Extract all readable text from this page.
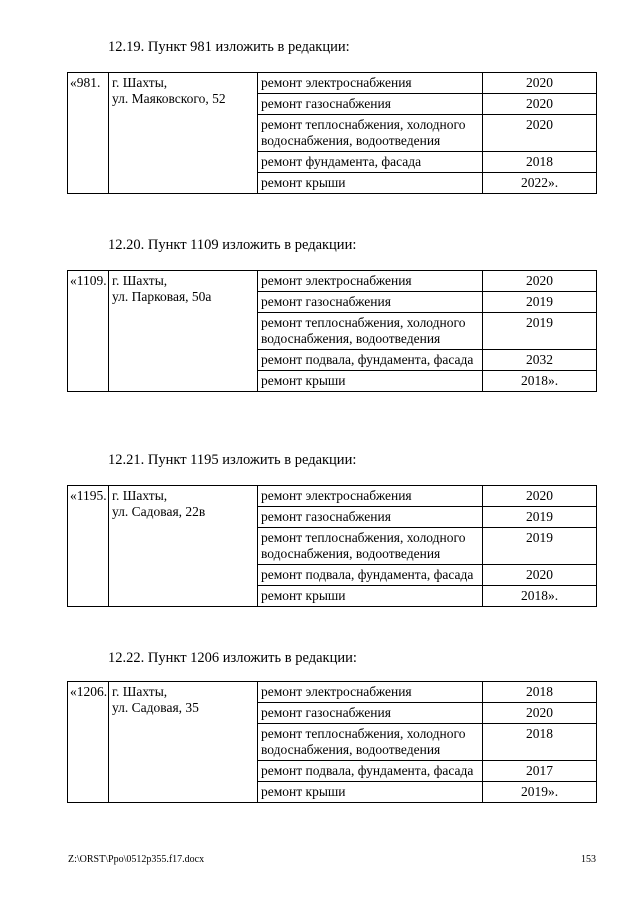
12.19. Пункт 981 изложить в редакции:
«981.	г. Шахты,
ул. Маяковского, 52	ремонт электроснабжения	2020
		ремонт газоснабжения	2020
		ремонт теплоснабжения, холодного водоснабжения, водоотведения	2020
		ремонт фундамента, фасада	2018
		ремонт крыши	2022».
12.20. Пункт 1109 изложить в редакции:
«1109.	г. Шахты,
ул. Парковая, 50а	ремонт электроснабжения	2020
		ремонт газоснабжения	2019
		ремонт теплоснабжения, холодного водоснабжения, водоотведения	2019
		ремонт подвала, фундамента, фасада	2032
		ремонт крыши	2018».
12.21. Пункт 1195 изложить в редакции:
«1195.	г. Шахты,
ул. Садовая, 22в	ремонт электроснабжения	2020
		ремонт газоснабжения	2019
		ремонт теплоснабжения, холодного водоснабжения, водоотведения	2019
		ремонт подвала, фундамента, фасада	2020
		ремонт крыши	2018».
12.22. Пункт 1206 изложить в редакции:
«1206.	г. Шахты,
ул. Садовая, 35	ремонт электроснабжения	2018
		ремонт газоснабжения	2020
		ремонт теплоснабжения, холодного водоснабжения, водоотведения	2018
		ремонт подвала, фундамента, фасада	2017
		ремонт крыши	2019».
Z:\ORST\Ppo\0512p355.f17.docx	153
